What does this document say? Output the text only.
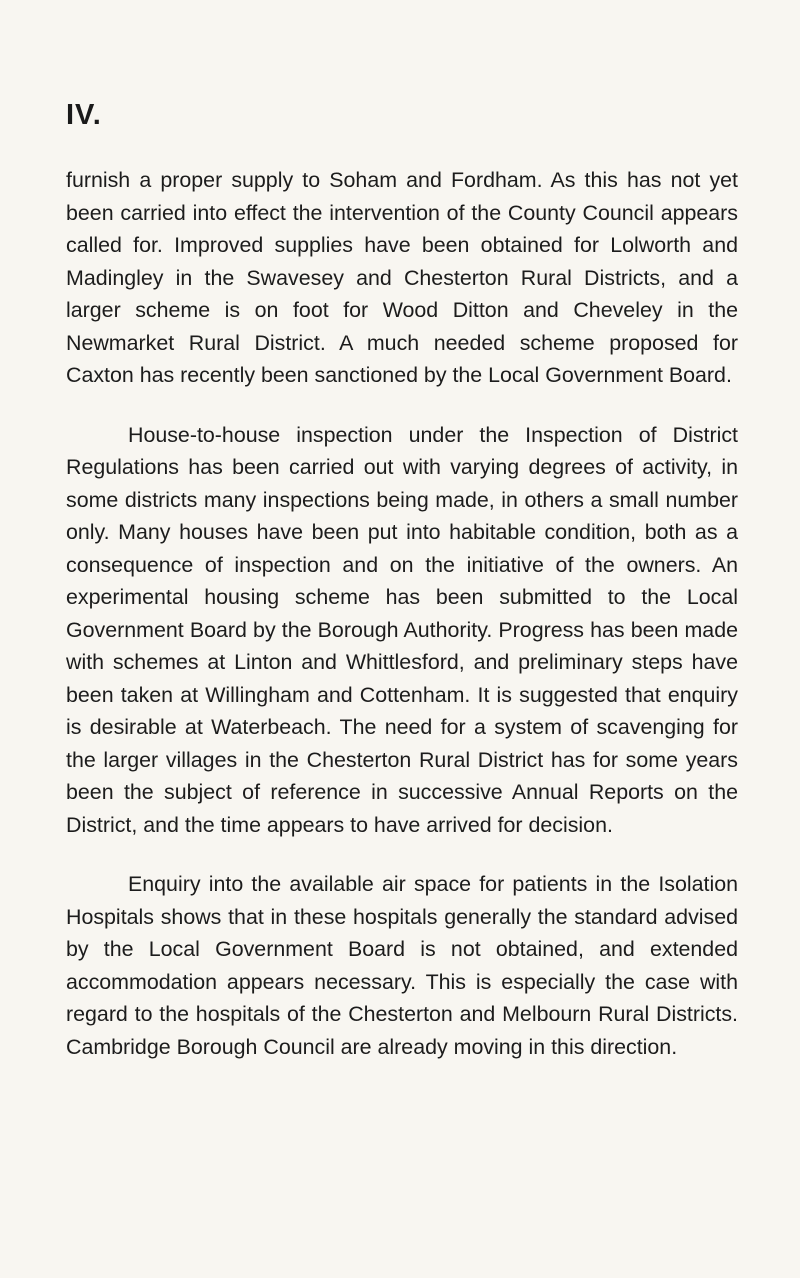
IV.

furnish a proper supply to Soham and Fordham. As this has not yet been carried into effect the intervention of the County Council appears called for. Improved supplies have been obtained for Lolworth and Madingley in the Swavesey and Chesterton Rural Districts, and a larger scheme is on foot for Wood Ditton and Cheveley in the Newmarket Rural District. A much needed scheme proposed for Caxton has recently been sanctioned by the Local Government Board.

House-to-house inspection under the Inspection of District Regulations has been carried out with varying degrees of activity, in some districts many inspections being made, in others a small number only. Many houses have been put into habitable condition, both as a consequence of inspection and on the initiative of the owners. An experimental housing scheme has been submitted to the Local Government Board by the Borough Authority. Progress has been made with schemes at Linton and Whittlesford, and preliminary steps have been taken at Willingham and Cottenham. It is suggested that enquiry is desirable at Waterbeach. The need for a system of scavenging for the larger villages in the Chesterton Rural District has for some years been the subject of reference in successive Annual Reports on the District, and the time appears to have arrived for decision.

Enquiry into the available air space for patients in the Isolation Hospitals shows that in these hospitals generally the standard advised by the Local Government Board is not obtained, and extended accommodation appears necessary. This is especially the case with regard to the hospitals of the Chesterton and Melbourn Rural Districts. Cambridge Borough Council are already moving in this direction.
